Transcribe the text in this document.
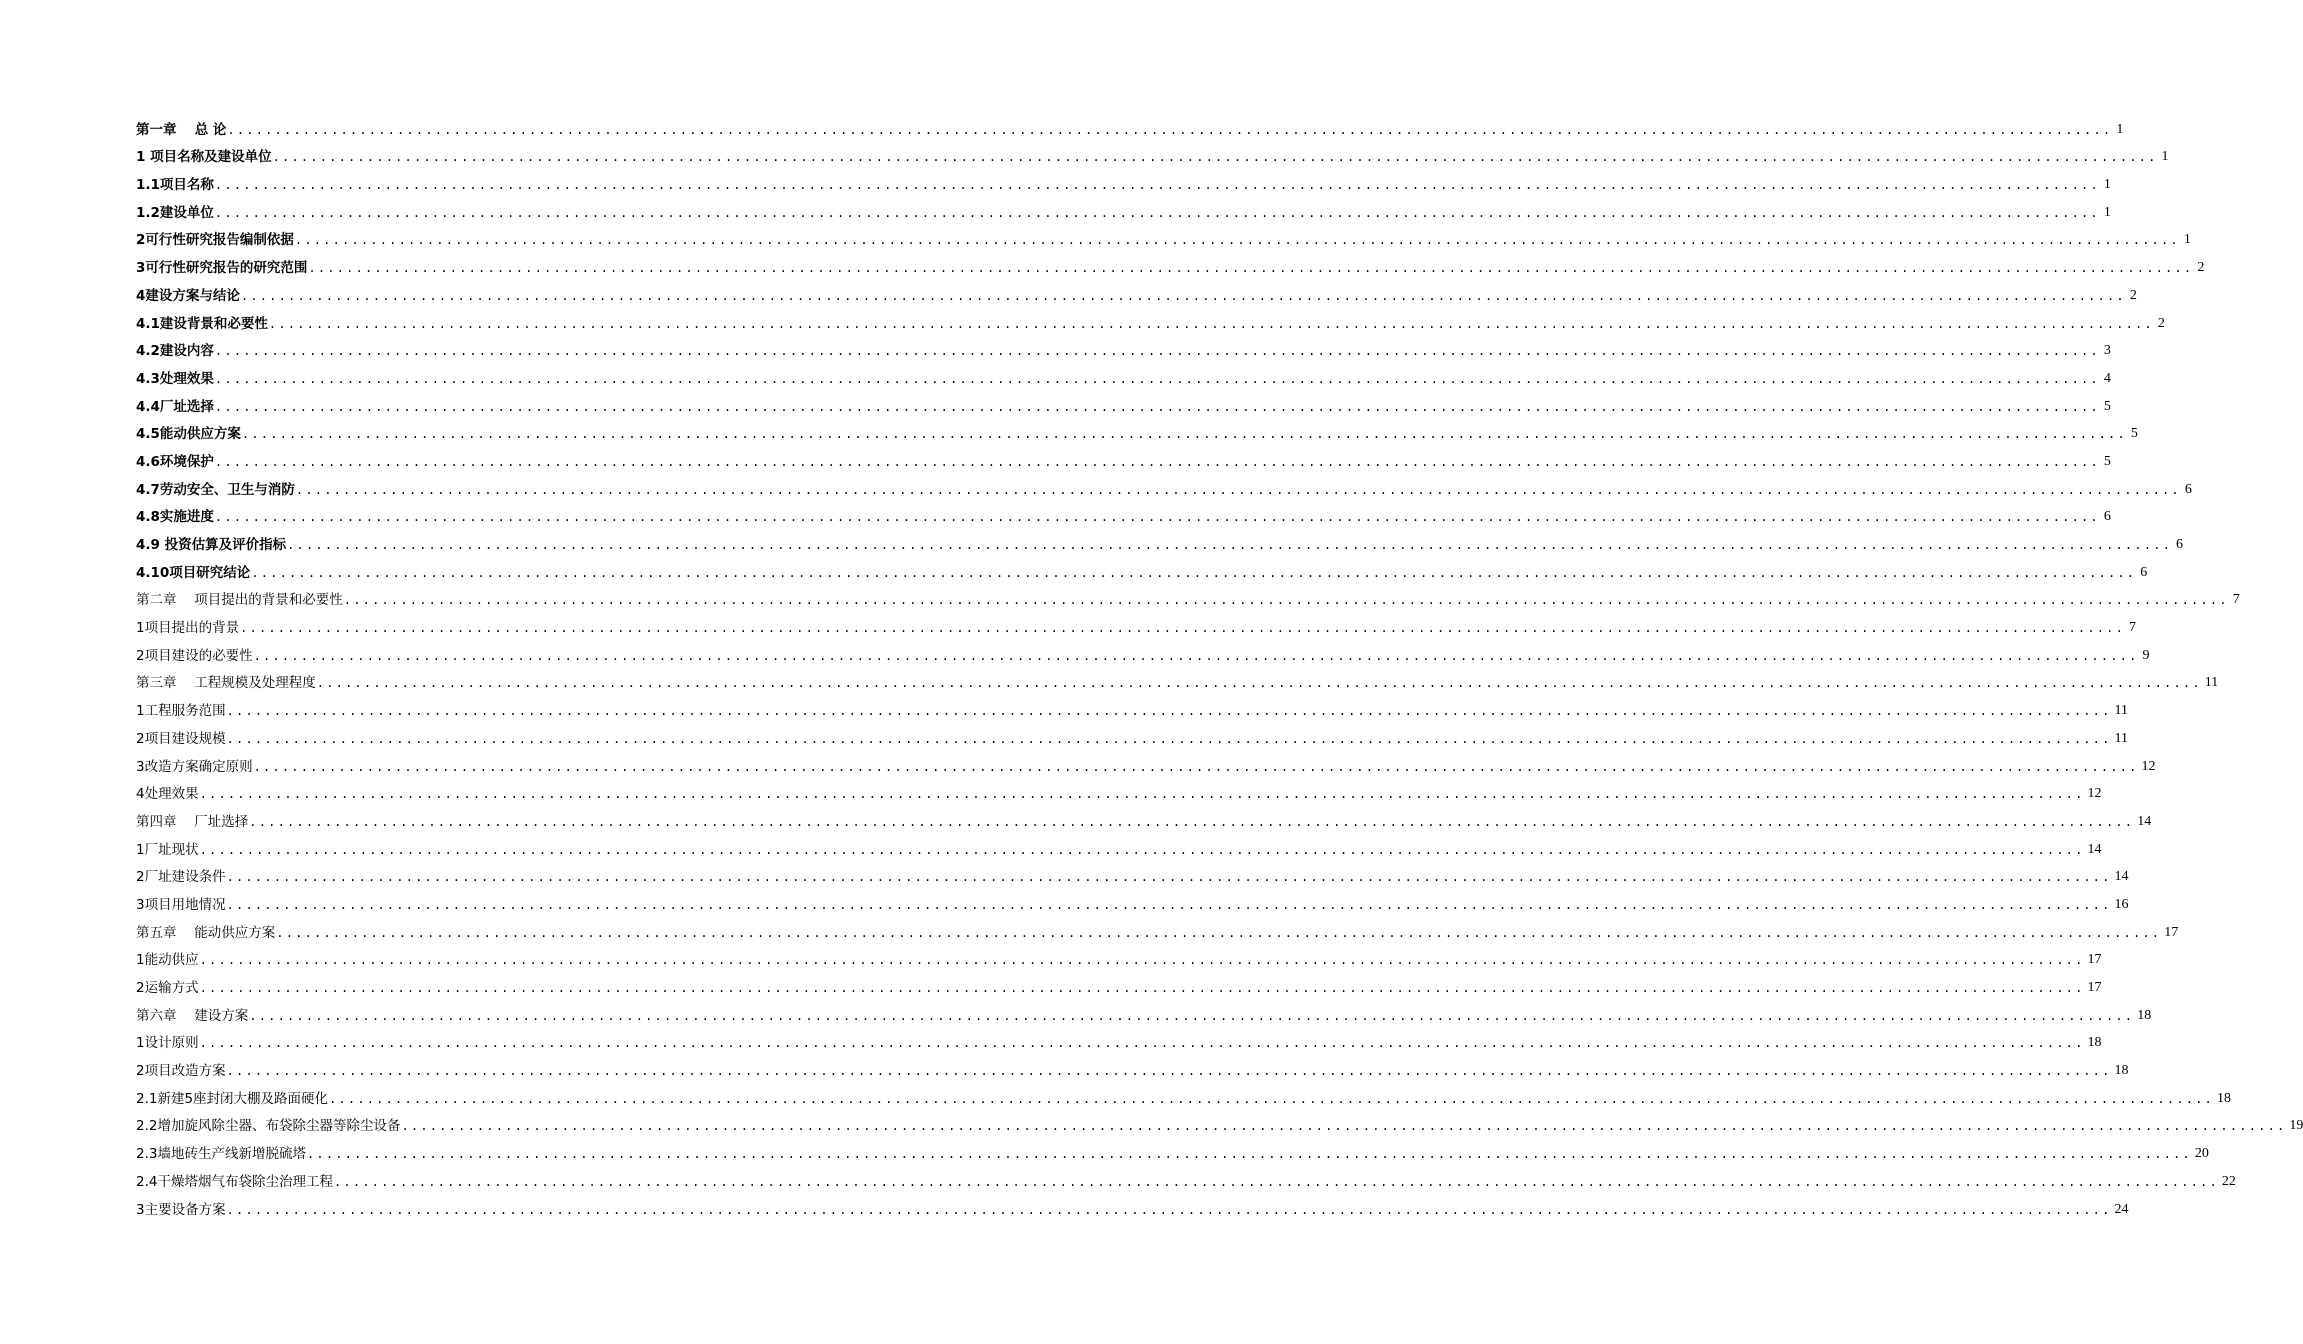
第一章　 总 论 ........................................................................................................................................................................................................ 1
1 项目名称及建设单位 ........................................................................................................................................................................................................ 1
1.1项目名称 ........................................................................................................................................................................................................ 1
1.2建设单位 ........................................................................................................................................................................................................ 1
2可行性研究报告编制依据 ........................................................................................................................................................................................................ 1
3可行性研究报告的研究范围 ........................................................................................................................................................................................................ 2
4建设方案与结论 ........................................................................................................................................................................................................ 2
4.1建设背景和必要性 ........................................................................................................................................................................................................ 2
4.2建设内容 ........................................................................................................................................................................................................ 3
4.3处理效果 ........................................................................................................................................................................................................ 4
4.4厂址选择 ........................................................................................................................................................................................................ 5
4.5能动供应方案 ........................................................................................................................................................................................................ 5
4.6环境保护 ........................................................................................................................................................................................................ 5
4.7劳动安全、卫生与消防 ........................................................................................................................................................................................................ 6
4.8实施进度 ........................................................................................................................................................................................................ 6
4.9 投资估算及评价指标 ........................................................................................................................................................................................................ 6
4.10项目研究结论 ........................................................................................................................................................................................................ 6
第二章　 项目提出的背景和必要性 ........................................................................................................................................................................................................ 7
1项目提出的背景 ........................................................................................................................................................................................................ 7
2项目建设的必要性 ........................................................................................................................................................................................................ 9
第三章　 工程规模及处理程度 ........................................................................................................................................................................................................ 11
1工程服务范围 ........................................................................................................................................................................................................ 11
2项目建设规模 ........................................................................................................................................................................................................ 11
3改造方案确定原则 ........................................................................................................................................................................................................ 12
4处理效果 ........................................................................................................................................................................................................ 12
第四章　 厂址选择 ........................................................................................................................................................................................................ 14
1厂址现状 ........................................................................................................................................................................................................ 14
2厂址建设条件 ........................................................................................................................................................................................................ 14
3项目用地情况 ........................................................................................................................................................................................................ 16
第五章　 能动供应方案 ........................................................................................................................................................................................................ 17
1能动供应 ........................................................................................................................................................................................................ 17
2运输方式 ........................................................................................................................................................................................................ 17
第六章　 建设方案 ........................................................................................................................................................................................................ 18
1设计原则 ........................................................................................................................................................................................................ 18
2项目改造方案 ........................................................................................................................................................................................................ 18
2.1新建5座封闭大棚及路面硬化 ........................................................................................................................................................................................................ 18
2.2增加旋风除尘器、布袋除尘器等除尘设备 ........................................................................................................................................................................................................ 19
2.3墙地砖生产线新增脱硫塔 ........................................................................................................................................................................................................ 20
2.4干燥塔烟气布袋除尘治理工程 ........................................................................................................................................................................................................ 22
3主要设备方案 ........................................................................................................................................................................................................ 24
